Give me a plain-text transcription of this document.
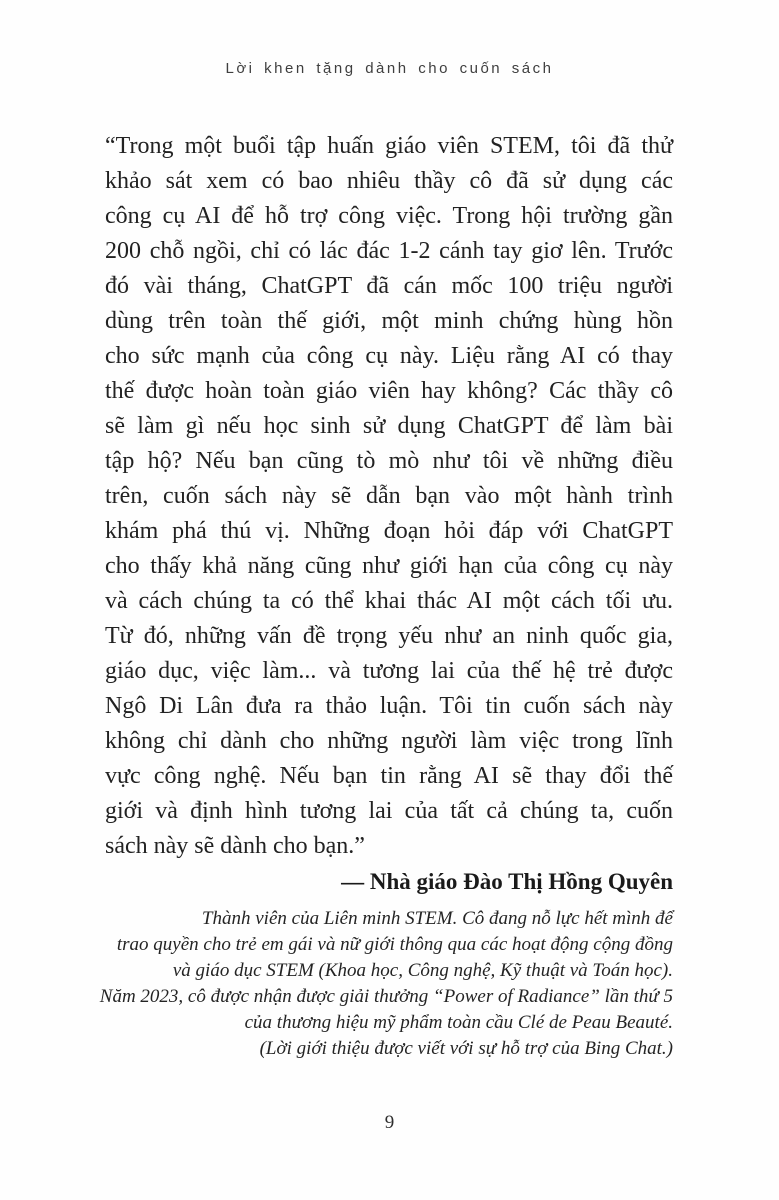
Lời khen tặng dành cho cuốn sách
“Trong một buổi tập huấn giáo viên STEM, tôi đã thử
khảo sát xem có bao nhiêu thầy cô đã sử dụng các
công cụ AI để hỗ trợ công việc. Trong hội trường gần
200 chỗ ngồi, chỉ có lác đác 1-2 cánh tay giơ lên. Trước
đó vài tháng, ChatGPT đã cán mốc 100 triệu người
dùng trên toàn thế giới, một minh chứng hùng hồn
cho sức mạnh của công cụ này. Liệu rằng AI có thay
thế được hoàn toàn giáo viên hay không? Các thầy cô
sẽ làm gì nếu học sinh sử dụng ChatGPT để làm bài
tập hộ? Nếu bạn cũng tò mò như tôi về những điều
trên, cuốn sách này sẽ dẫn bạn vào một hành trình
khám phá thú vị. Những đoạn hỏi đáp với ChatGPT
cho thấy khả năng cũng như giới hạn của công cụ này
và cách chúng ta có thể khai thác AI một cách tối ưu.
Từ đó, những vấn đề trọng yếu như an ninh quốc gia,
giáo dục, việc làm... và tương lai của thế hệ trẻ được
Ngô Di Lân đưa ra thảo luận. Tôi tin cuốn sách này
không chỉ dành cho những người làm việc trong lĩnh
vực công nghệ. Nếu bạn tin rằng AI sẽ thay đổi thế
giới và định hình tương lai của tất cả chúng ta, cuốn
sách này sẽ dành cho bạn.”
— Nhà giáo Đào Thị Hồng Quyên
Thành viên của Liên minh STEM. Cô đang nỗ lực hết mình để
trao quyền cho trẻ em gái và nữ giới thông qua các hoạt động cộng đồng
và giáo dục STEM (Khoa học, Công nghệ, Kỹ thuật và Toán học).
Năm 2023, cô được nhận được giải thưởng “Power of Radiance” lần thứ 5
của thương hiệu mỹ phẩm toàn cầu Clé de Peau Beauté.
(Lời giới thiệu được viết với sự hỗ trợ của Bing Chat.)
9
